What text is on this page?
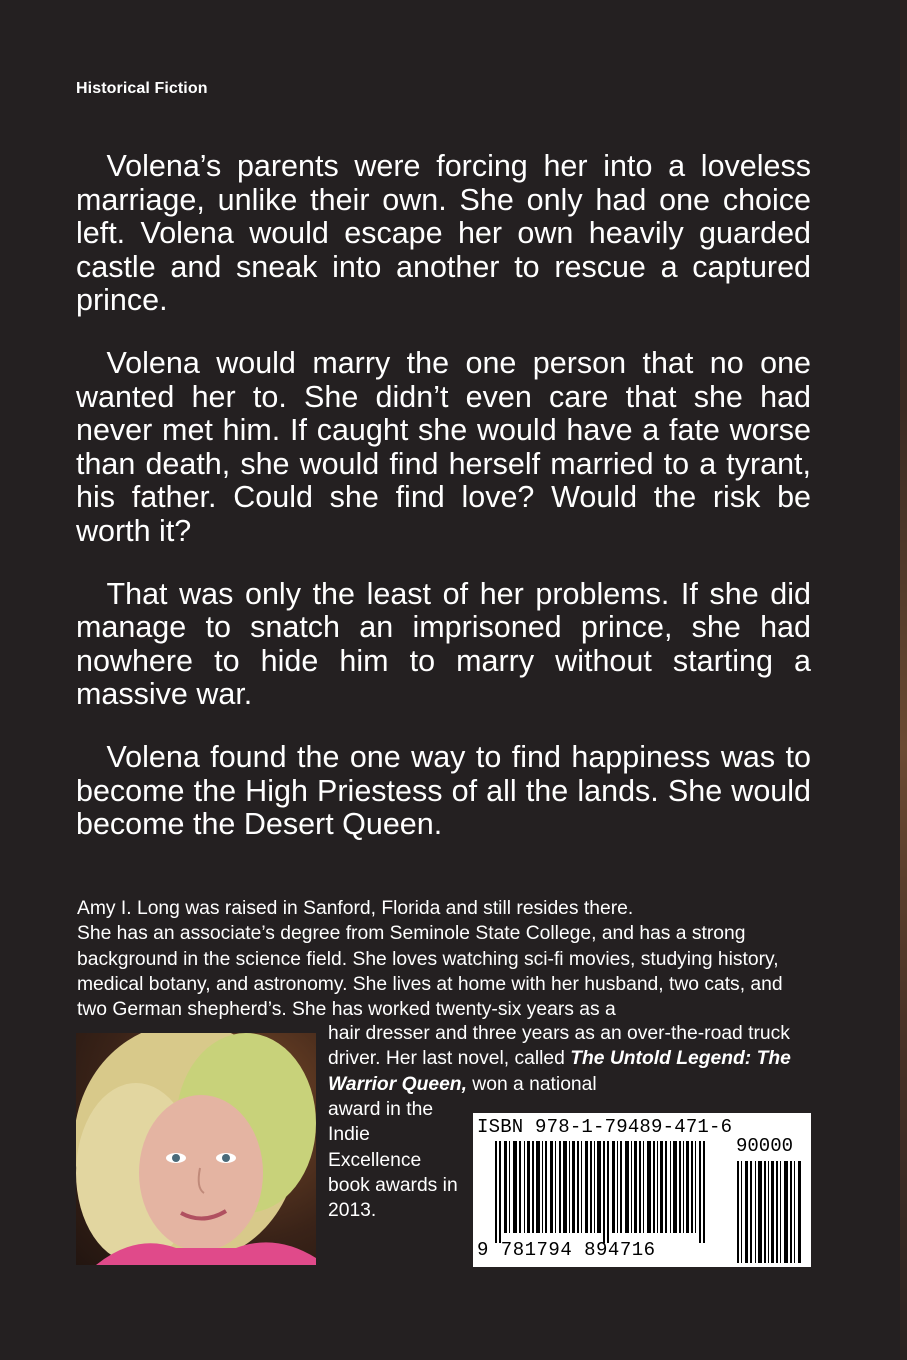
Historical Fiction

 Volena’s parents were forcing her into a loveless marriage, unlike their own. She only had one choice left. Volena would escape her own heavily guarded castle and sneak into another to rescue a captured prince.

 Volena would marry the one person that no one wanted her to. She didn’t even care that she had never met him. If caught she would have a fate worse than death, she would find herself married to a tyrant, his father. Could she find love? Would the risk be worth it?

 That was only the least of her problems. If she did manage to snatch an imprisoned prince, she had nowhere to hide him to marry without starting a massive war.

 Volena found the one way to find happiness was to become the High Priestess of all the lands. She would become the Desert Queen.

Amy I. Long was raised in Sanford, Florida and still resides there.
She has an associate’s degree from Seminole State College, and has a strong background in the science field. She loves watching sci-fi movies, studying history, medical botany, and astronomy. She lives at home with her husband, two cats, and two German shepherd’s. She has worked twenty-six years as a
hair dresser and three years as an over-the-road truck driver. Her last novel, called The Untold Legend: The Warrior Queen, won a national
award in the Indie Excellence book awards in 2013.
ISBN 978-1-79489-471-6
90000
9 781794 894716
